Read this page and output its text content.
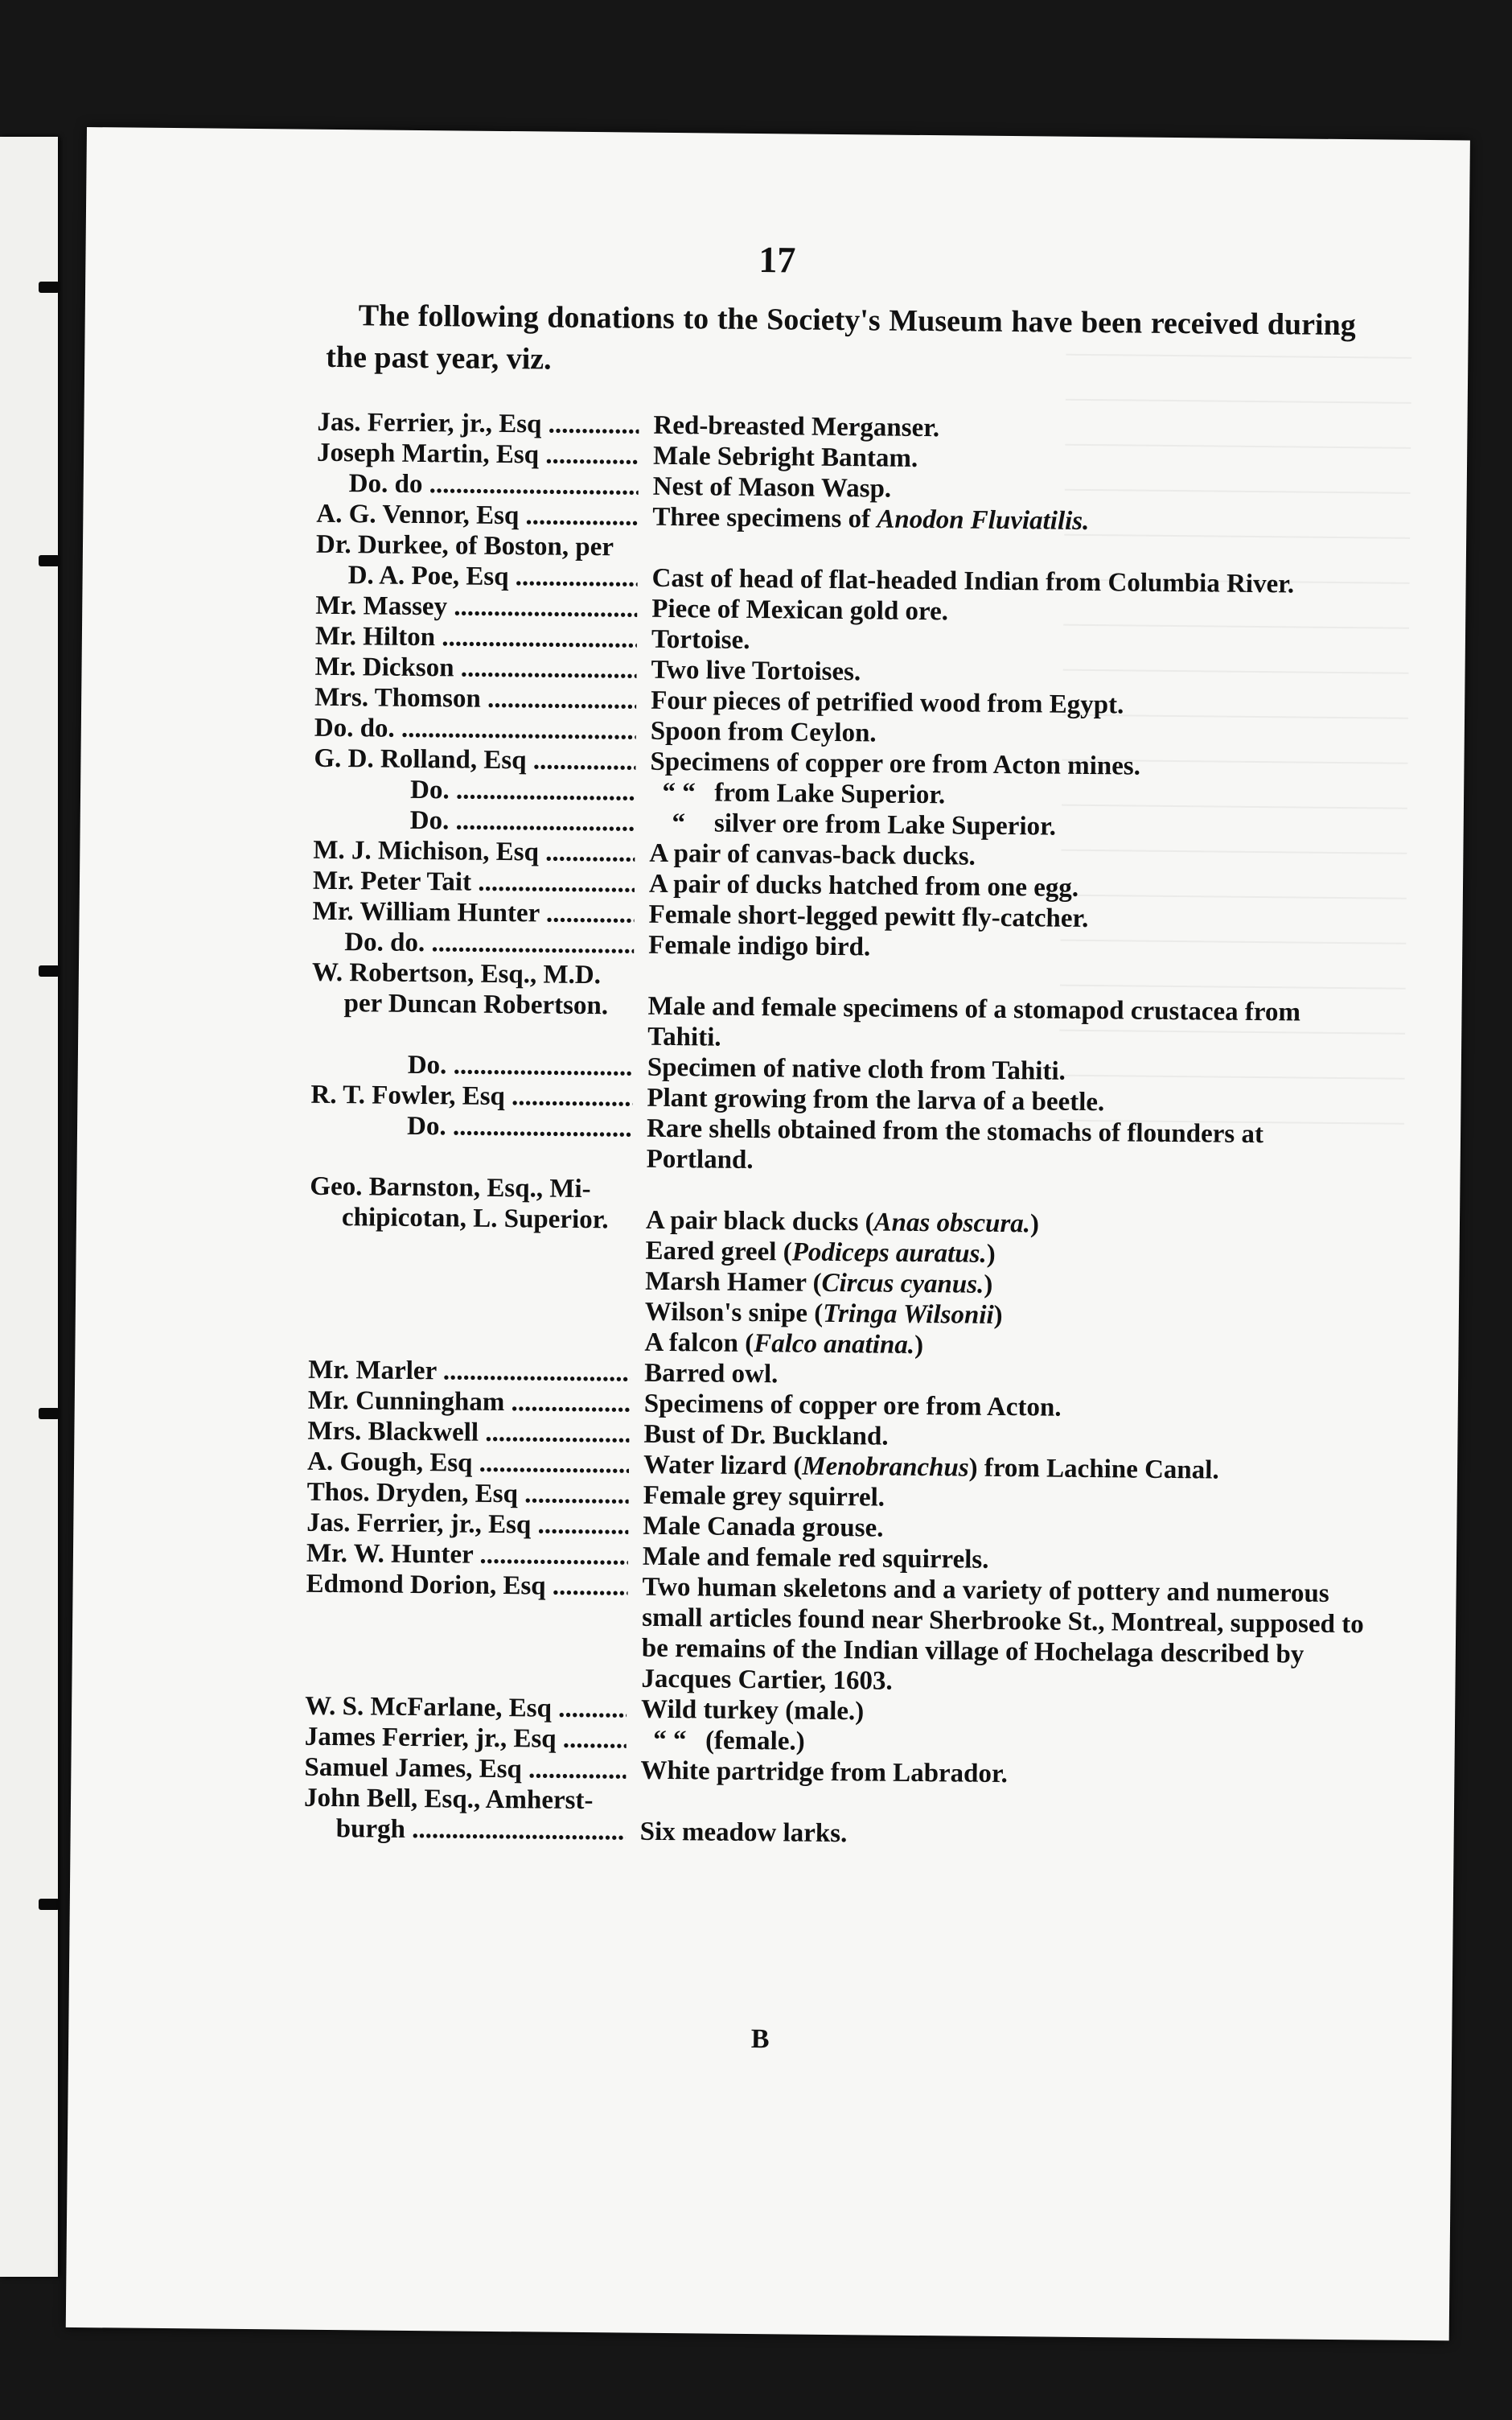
17
The following donations to the Society's Museum have been received during the past year, viz.
Jas. Ferrier, jr., Esq .....	Red-breasted Merganser.
Joseph Martin, Esq .....	Male Sebright Bantam.
Do. do .....	Nest of Mason Wasp.
A. G. Vennor, Esq .....	Three specimens of Anodon Fluviatilis.
Dr. Durkee, of Boston, per
D. A. Poe, Esq .....	Cast of head of flat-headed Indian from Columbia River.
Mr. Massey .....	Piece of Mexican gold ore.
Mr. Hilton .....	Tortoise.
Mr. Dickson .....	Two live Tortoises.
Mrs. Thomson .....	Four pieces of petrified wood from Egypt.
Do. do. .....	Spoon from Ceylon.
G. D. Rolland, Esq .....	Specimens of copper ore from Acton mines.
Do. .....	“ “ from Lake Superior.
Do. .....	“ silver ore from Lake Superior.
M. J. Michison, Esq .....	A pair of canvas-back ducks.
Mr. Peter Tait .....	A pair of ducks hatched from one egg.
Mr. William Hunter .....	Female short-legged pewitt fly-catcher.
Do. do. .....	Female indigo bird.
W. Robertson, Esq., M.D.
per Duncan Robertson.	Male and female specimens of a stomapod crustacea from Tahiti.
Do. .....	Specimen of native cloth from Tahiti.
R. T. Fowler, Esq .....	Plant growing from the larva of a beetle.
Do. .....	Rare shells obtained from the stomachs of flounders at Portland.
Geo. Barnston, Esq., Mi-
chipicotan, L. Superior.	A pair black ducks (Anas obscura.)
Eared greel (Podiceps auratus.)
Marsh Hamer (Circus cyanus.)
Wilson's snipe (Tringa Wilsonii)
A falcon (Falco anatina.)
Mr. Marler .....	Barred owl.
Mr. Cunningham .....	Specimens of copper ore from Acton.
Mrs. Blackwell .....	Bust of Dr. Buckland.
A. Gough, Esq .....	Water lizard (Menobranchus) from Lachine Canal.
Thos. Dryden, Esq .....	Female grey squirrel.
Jas. Ferrier, jr., Esq .....	Male Canada grouse.
Mr. W. Hunter .....	Male and female red squirrels.
Edmond Dorion, Esq .....	Two human skeletons and a variety of pottery and numerous small articles found near Sherbrooke St., Montreal, supposed to be remains of the Indian village of Hochelaga described by Jacques Cartier, 1603.
W. S. McFarlane, Esq .....	Wild turkey (male.)
James Ferrier, jr., Esq .....	“ “ (female.)
Samuel James, Esq .....	White partridge from Labrador.
John Bell, Esq., Amherst-
burgh .....	Six meadow larks.
B
